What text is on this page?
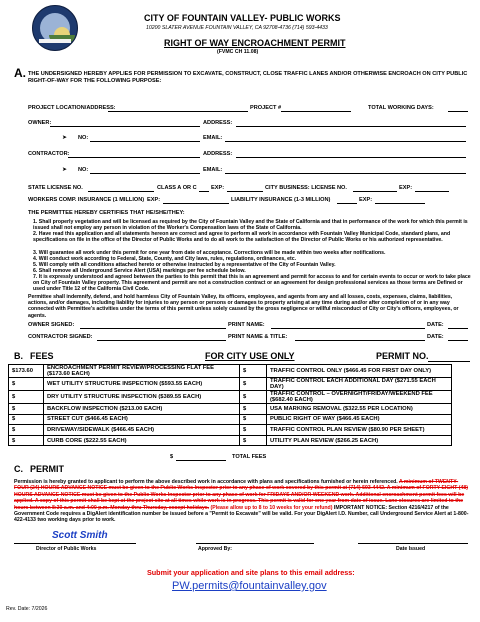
CITY OF FOUNTAIN VALLEY- PUBLIC WORKS
10200 SLATER AVENUE FOUNTAIN VALLEY, CA 92708-4736 (714) 593-4433
RIGHT OF WAY ENCROACHMENT PERMIT
(FVMC CH 11.08)
A. THE UNDERSIGNED HEREBY APPLIES FOR PERMISSION TO EXCAVATE, CONSTRUCT, CLOSE TRAFFIC LANES AND/OR OTHERWISE ENCROACH ON CITY PUBLIC RIGHT-OF-WAY FOR THE FOLLOWING PURPOSE:
PROJECT LOCATION/ADDRESS:	PROJECT #	TOTAL WORKING DAYS:
OWNER:	ADDRESS:
➤ NO:	EMAIL:
CONTRACTOR:	ADDRESS:
➤ NO:	EMAIL:
STATE LICENSE NO.	CLASS A OR C	EXP:	CITY BUSINESS: LICENSE NO.	EXP:
WORKERS COMP. INSURANCE (1 MILLION) EXP:	LIABILITY INSURANCE (1-3 MILLION)	EXP:
THE PERMITTEE HEREBY CERTIFIES THAT HE/SHE/THEY:
1. Shall properly vegetation and will be licensed as required by the City of Fountain Valley and the State of California and that in performance of the work for which this permit is issued shall not employ any person in violation of the Worker's Compensation laws of the State of California.
2. Have read this application and all statements hereon are correct and agree to perform all work in accordance with Fountain Valley Municipal Code, standard plans, and specifications on file in the office of the Director of Public Works and to do all work to the satisfaction of the Director of Public Works or his authorized representative.
3. Will guarantee all work under this permit for one year from date of acceptance. Corrections will be made within two weeks after notifications.
4. Will conduct work according to Federal, State, County, and City laws, rules, regulations, ordinances, etc.
5. Will comply with all conditions attached hereto or otherwise instructed by a representative of the City of Fountain Valley.
6. Shall remove all Underground Service Alert (USA) markings per fee schedule below.
7. It is expressly understood and agreed between the parties to this permit that this is an agreement and permit for access to and for certain events to occur or work to take place on City of Fountain Valley property. This agreement and permit are not a construction contract or an agreement for design professional services as those terms are Defined or used under Title 12 of the California Civil Code.
Permittee shall indemnify, defend, and hold harmless City of Fountain Valley, its officers, employees, and agents from any and all losses, costs, expenses, claims, liabilities, actions, and/or damages, including liability for injuries to any person or persons or damages to property arising at any time during and/or after completion of or in any way connected with Permittee's activities under the terms of this permit unless solely caused by the gross negligence or willful misconduct of City or City's officers, employees, or agents.
OWNER SIGNED:	PRINT NAME:	DATE:
CONTRACTOR SIGNED:	PRINT NAME & TITLE:	DATE:
B. FEES	FOR CITY USE ONLY	PERMIT NO.
$173.60	ENCROACHMENT PERMIT REVIEW/PROCESSING FLAT FEE ($173.60 EACH)	$	TRAFFIC CONTROL ONLY ($466.45 FOR FIRST DAY ONLY)
$	WET UTILITY STRUCTURE INSPECTION ($593.55 EACH)	$	TRAFFIC CONTROL EACH ADDITIONAL DAY ($271.55 EACH DAY)
$	DRY UTILITY STRUCTURE INSPECTION ($389.55 EACH)	$	TRAFFIC CONTROL – OVERNIGHT/FRIDAY/WEEKEND FEE ($682.40 EACH)
$	BACKFLOW INSPECTION ($213.00 EACH)	$	USA MARKING REMOVAL ($322.55 PER LOCATION)
$	STREET CUT ($466.45 EACH)	$	PUBLIC RIGHT OF WAY ($466.45 EACH)
$	DRIVEWAY/SIDEWALK ($466.45 EACH)	$	TRAFFIC CONTROL PLAN REVIEW ($80.90 PER SHEET)
$	CURB CORE ($222.55 EACH)	$	UTILITY PLAN REVIEW ($266.25 EACH)
$	TOTAL FEES
C. PERMIT
Permission is hereby granted to applicant to perform the above described work in accordance with plans and specifications furnished or herein referenced. A minimum of TWENTY-FOUR (24) HOURS ADVANCE NOTICE must be given to the Public Works Inspector prior to any phase of work covered by this permit at (714) 593-4442. A minimum of FORTY EIGHT (48) HOURS ADVANCE NOTICE must be given to the Public Works Inspector prior to any phase of work for FRIDAYS AND/OR WEEKEND work. Additional encroachment permit fees will be applied. A copy of this permit shall be kept at the project site at all times while work is in progress. This permit is valid for one year from date of issue. Lane closures are limited to the hours between 8:30 a.m. and 4:00 p.m. Monday thru Thursday, except holidays. (Please allow up to 8 to 10 weeks for your refund) IMPORTANT NOTICE: Section 4216/4217 of the Government Code requires a DigAlert identification number be issued before a "Permit to Excavate" will be valid. For your DigAlert I.D. Number, call Underground Service Alert at 1-800-422-4133 two working days prior to work.
Scott Smith
Director of Public Works	Approved By:	Date Issued
Submit your application and site plans to this email address:
PW.permits@fountainvalley.gov
Rev. Date: 7/2026
